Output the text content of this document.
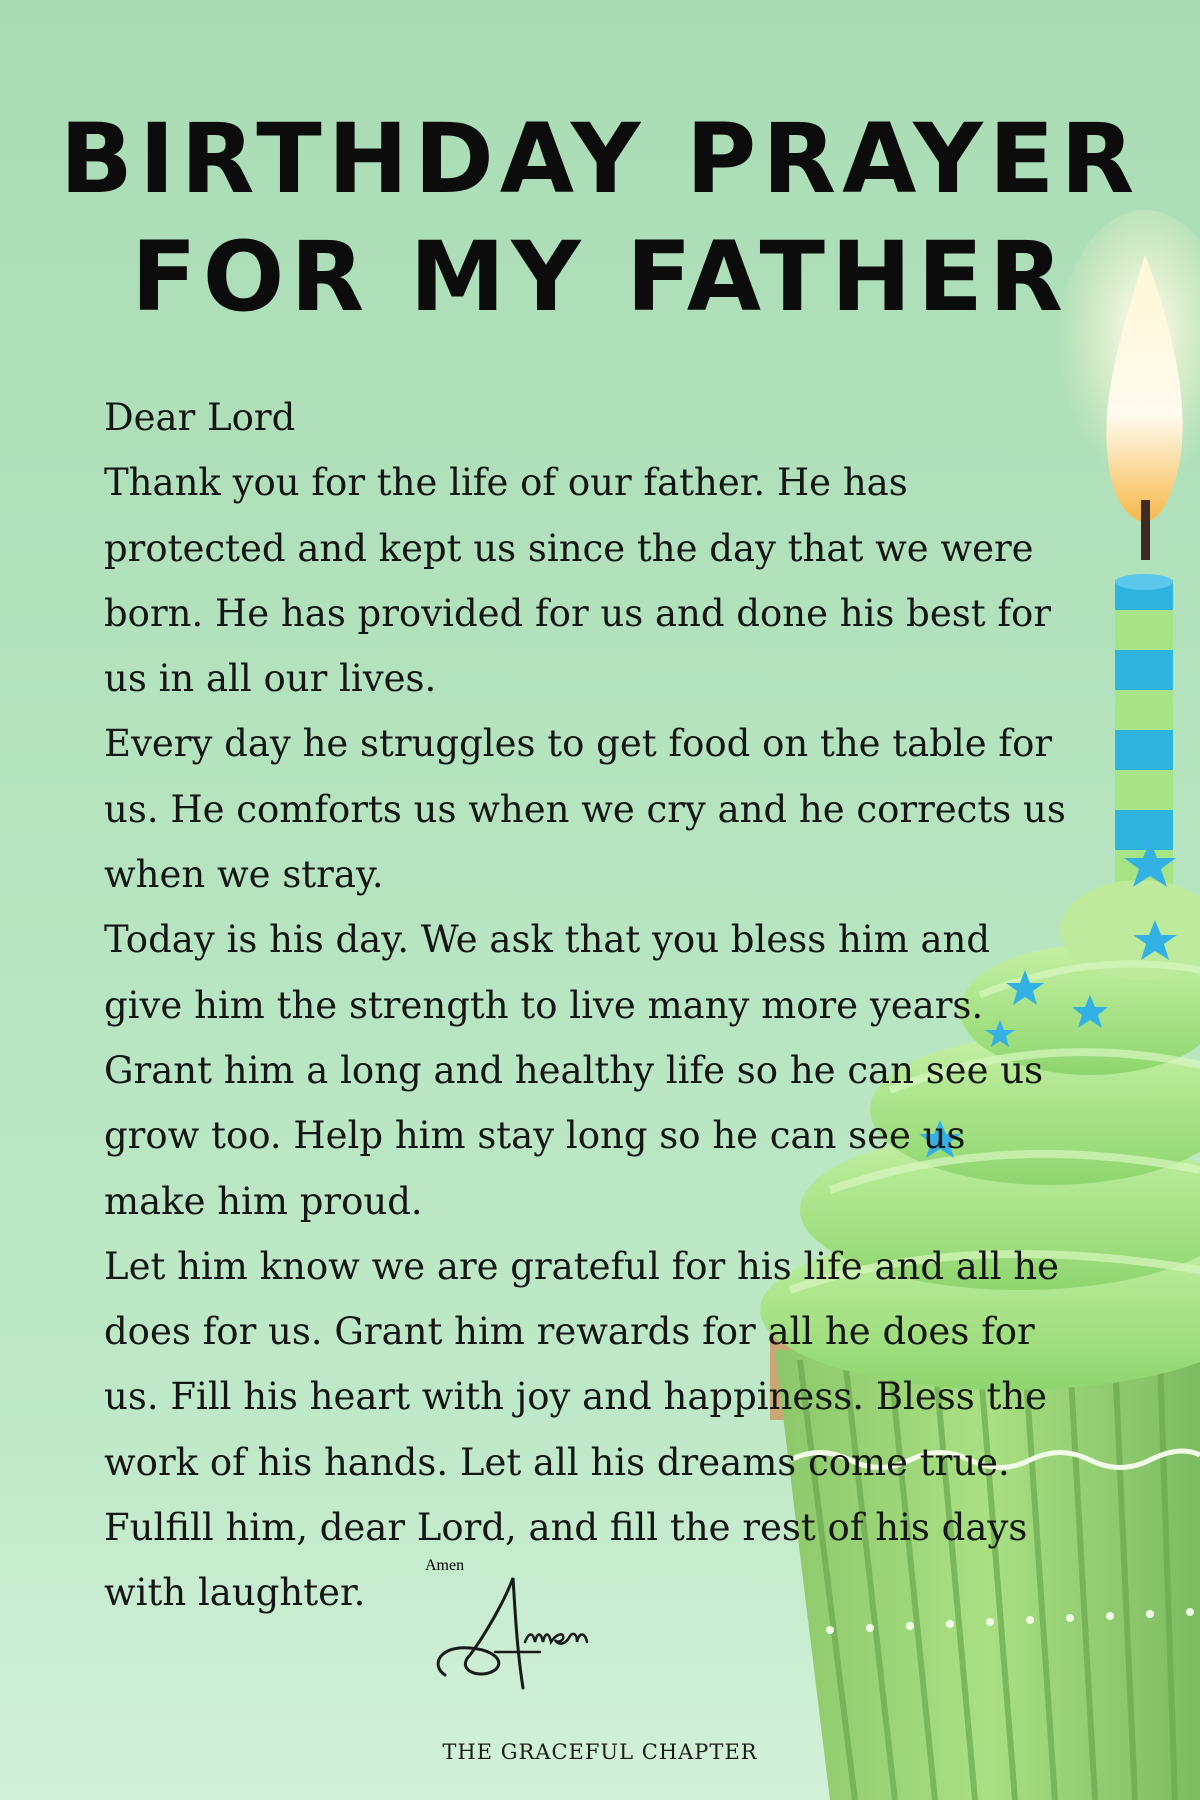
BIRTHDAY PRAYER
FOR MY FATHER
Dear Lord
Thank you for the life of our father. He has
protected and kept us since the day that we were
born. He has provided for us and done his best for
us in all our lives.
Every day he struggles to get food on the table for
us. He comforts us when we cry and he corrects us
when we stray.
Today is his day. We ask that you bless him and
give him the strength to live many more years.
Grant him a long and healthy life so he can see us
grow too. Help him stay long so he can see us
make him proud.
Let him know we are grateful for his life and all he
does for us. Grant him rewards for all he does for
us. Fill his heart with joy and happiness. Bless the
work of his hands. Let all his dreams come true.
Fulfill him, dear Lord, and fill the rest of his days
with laughter.
Amen
THE GRACEFUL CHAPTER
